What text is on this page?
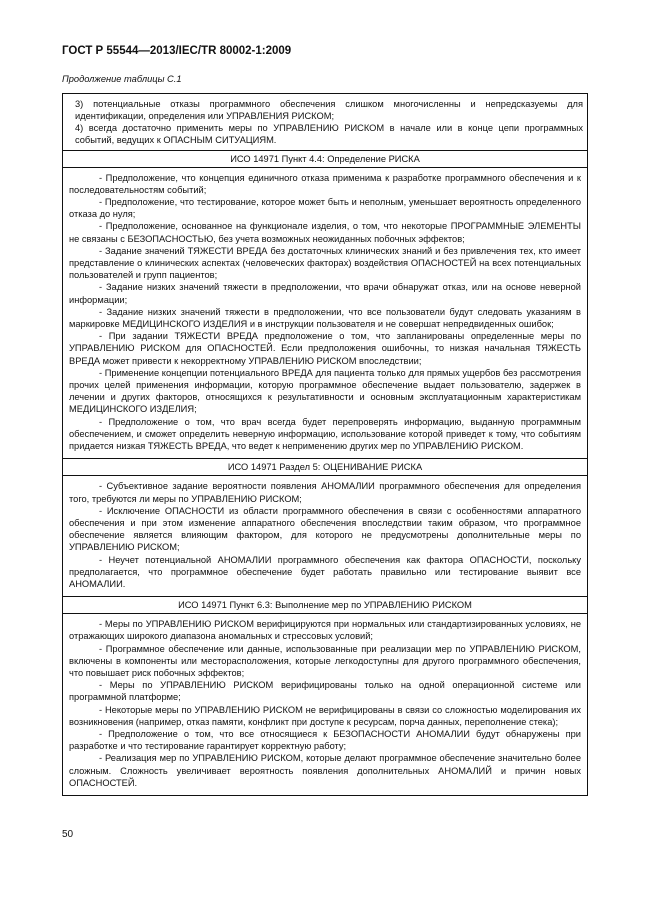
ГОСТ Р 55544—2013/IEC/TR 80002-1:2009
Продолжение таблицы С.1

3) потенциальные отказы программного обеспечения слишком многочисленны и непредсказуемы для идентификации, определения или УПРАВЛЕНИЯ РИСКОМ;

4) всегда достаточно применить меры по УПРАВЛЕНИЮ РИСКОМ в начале или в конце цепи программных событий, ведущих к ОПАСНЫМ СИТУАЦИЯМ.

ИСО 14971 Пункт 4.4: Определение РИСКА

- Предположение, что концепция единичного отказа применима к разработке программного обеспечения и к последовательностям событий;

- Предположение, что тестирование, которое может быть и неполным, уменьшает вероятность определенного отказа до нуля;

- Предположение, основанное на функционале изделия, о том, что некоторые ПРОГРАММНЫЕ ЭЛЕМЕНТЫ не связаны с БЕЗОПАСНОСТЬЮ, без учета возможных неожиданных побочных эффектов;

- Задание значений ТЯЖЕСТИ ВРЕДА без достаточных клинических знаний и без привлечения тех, кто имеет представление о клинических аспектах (человеческих факторах) воздействия ОПАСНОСТЕЙ на всех потенциальных пользователей и групп пациентов;

- Задание низких значений тяжести в предположении, что врачи обнаружат отказ, или на основе неверной информации;

- Задание низких значений тяжести в предположении, что все пользователи будут следовать указаниям в маркировке МЕДИЦИНСКОГО ИЗДЕЛИЯ и в инструкции пользователя и не совершат непредвиденных ошибок;

- При задании ТЯЖЕСТИ ВРЕДА предположение о том, что запланированы определенные меры по УПРАВЛЕНИЮ РИСКОМ для ОПАСНОСТЕЙ. Если предположения ошибочны, то низкая начальная ТЯЖЕСТЬ ВРЕДА может привести к некорректному УПРАВЛЕНИЮ РИСКОМ впоследствии;

- Применение концепции потенциального ВРЕДА для пациента только для прямых ущербов без рассмотрения прочих целей применения информации, которую программное обеспечение выдает пользователю, задержек в лечении и других факторов, относящихся к результативности и основным эксплуатационным характеристикам МЕДИЦИНСКОГО ИЗДЕЛИЯ;

- Предположение о том, что врач всегда будет перепроверять информацию, выданную программным обеспечением, и сможет определить неверную информацию, использование которой приведет к тому, что событиям придается низкая ТЯЖЕСТЬ ВРЕДА, что ведет к неприменению других мер по УПРАВЛЕНИЮ РИСКОМ.

ИСО 14971 Раздел 5: ОЦЕНИВАНИЕ РИСКА

- Субъективное задание вероятности появления АНОМАЛИИ программного обеспечения для определения того, требуются ли меры по УПРАВЛЕНИЮ РИСКОМ;

- Исключение ОПАСНОСТИ из области программного обеспечения в связи с особенностями аппаратного обеспечения и при этом изменение аппаратного обеспечения впоследствии таким образом, что программное обеспечение является влияющим фактором, для которого не предусмотрены дополнительные меры по УПРАВЛЕНИЮ РИСКОМ;

- Неучет потенциальной АНОМАЛИИ программного обеспечения как фактора ОПАСНОСТИ, поскольку предполагается, что программное обеспечение будет работать правильно или тестирование выявит все АНОМАЛИИ.

ИСО 14971 Пункт 6.3: Выполнение мер по УПРАВЛЕНИЮ РИСКОМ

- Меры по УПРАВЛЕНИЮ РИСКОМ верифицируются при нормальных или стандартизированных условиях, не отражающих широкого диапазона аномальных и стрессовых условий;

- Программное обеспечение или данные, использованные при реализации мер по УПРАВЛЕНИЮ РИСКОМ, включены в компоненты или месторасположения, которые легкодоступны для другого программного обеспечения, что повышает риск побочных эффектов;

- Меры по УПРАВЛЕНИЮ РИСКОМ верифицированы только на одной операционной системе или программной платформе;

- Некоторые меры по УПРАВЛЕНИЮ РИСКОМ не верифицированы в связи со сложностью моделирования их возникновения (например, отказ памяти, конфликт при доступе к ресурсам, порча данных, переполнение стека);

- Предположение о том, что все относящиеся к БЕЗОПАСНОСТИ АНОМАЛИИ будут обнаружены при разработке и что тестирование гарантирует корректную работу;

- Реализация мер по УПРАВЛЕНИЮ РИСКОМ, которые делают программное обеспечение значительно более сложным. Сложность увеличивает вероятность появления дополнительных АНОМАЛИЙ и причин новых ОПАСНОСТЕЙ.

50
